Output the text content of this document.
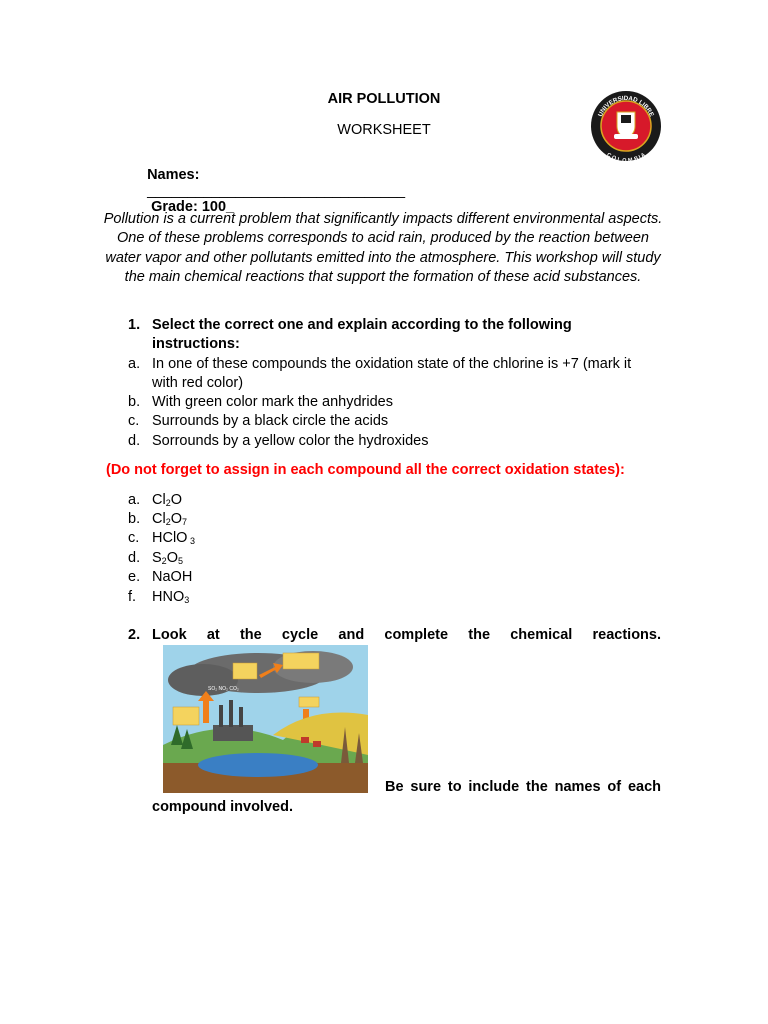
AIR POLLUTION
WORKSHEET

Names:
________________________________
Grade: 100_

UNIVERSIDAD LIBRE
COLOMBIA
Pollution is a current problem that significantly impacts different environmental aspects. One of these problems corresponds to acid rain, produced by the reaction between water vapor and other pollutants emitted into the atmosphere. This workshop will study the main chemical reactions that support the formation of these acid substances.
1. Select the correct one and explain according to the following
instructions:
a. In one of these compounds the oxidation state of the chlorine is +7 (mark it
with red color)
b. With green color mark the anhydrides
c. Surrounds by a black circle the acids
d. Sorrounds by a yellow color the hydroxides
(Do not forget to assign in each compound all the correct oxidation states):
a. $Cl_2O$
b. $Cl_2O_7$
c. HClO $_3$
d. $S_2O_5$
e. NaOH
f. $HNO_3$
2. Look at the cycle and complete the chemical reactions.
SO₂ NO₂ CO₂
Be sure to include the names of each
compound involved.
